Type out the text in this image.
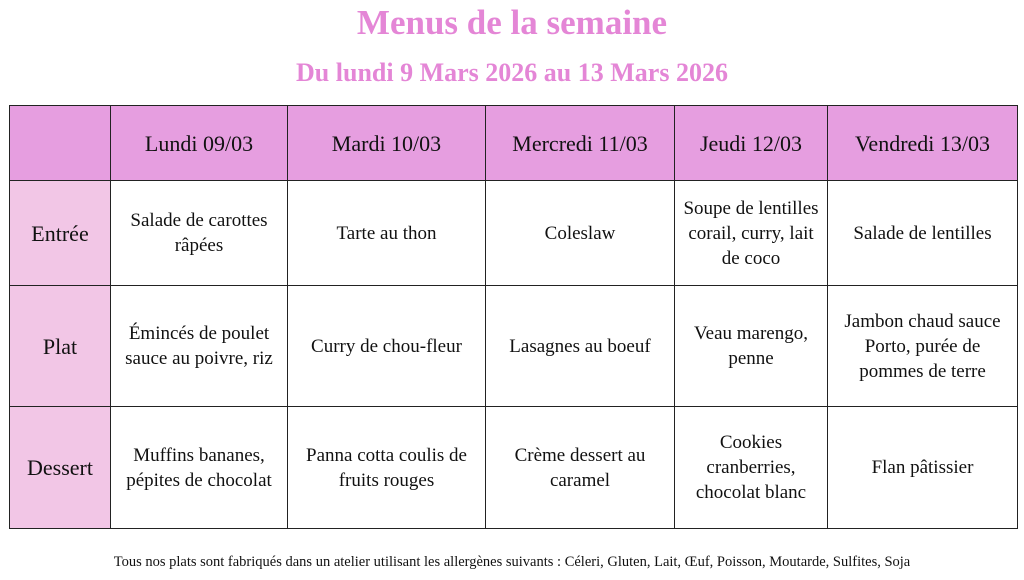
Menus de la semaine
Du lundi 9 Mars 2026 au 13 Mars 2026
	Lundi 09/03	Mardi 10/03	Mercredi 11/03	Jeudi 12/03	Vendredi 13/03
Entrée	Salade de carottes râpées	Tarte au thon	Coleslaw	Soupe de lentilles corail, curry, lait de coco	Salade de lentilles
Plat	Émincés de poulet sauce au poivre, riz	Curry de chou-fleur	Lasagnes au boeuf	Veau marengo, penne	Jambon chaud sauce Porto, purée de pommes de terre
Dessert	Muffins bananes, pépites de chocolat	Panna cotta coulis de fruits rouges	Crème dessert au caramel	Cookies cranberries, chocolat blanc	Flan pâtissier
Tous nos plats sont fabriqués dans un atelier utilisant les allergènes suivants : Céleri, Gluten, Lait, Œuf, Poisson, Moutarde, Sulfites, Soja
